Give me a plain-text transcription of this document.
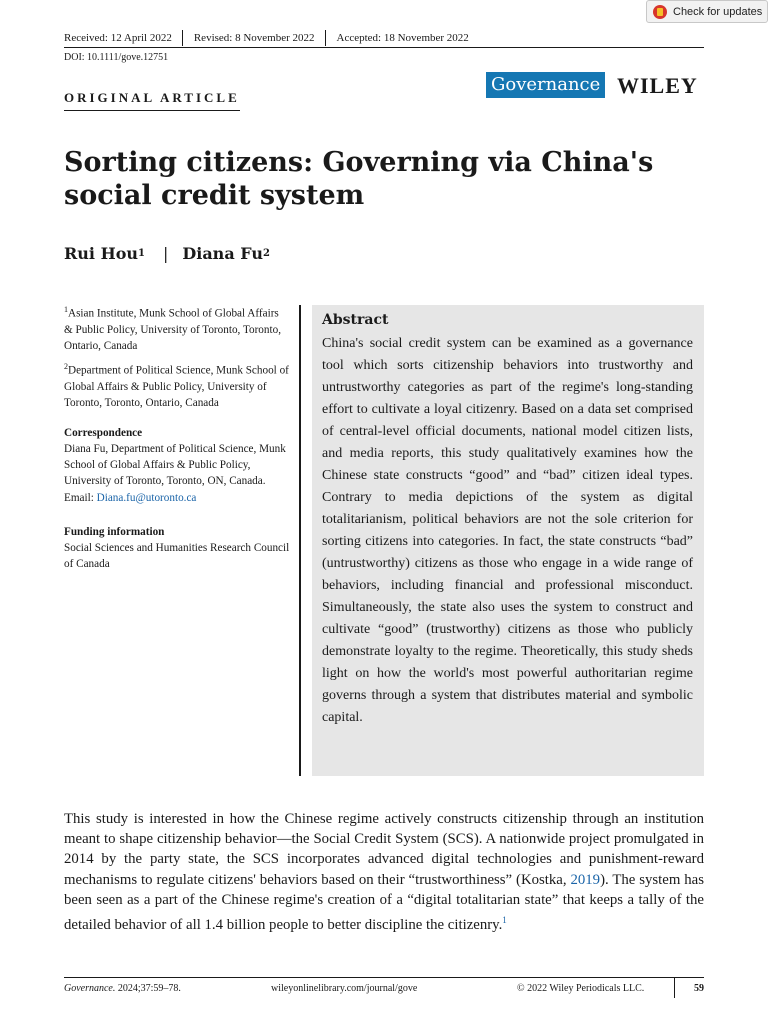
Check for updates
Received: 12 April 2022	Revised: 8 November 2022	Accepted: 18 November 2022
DOI: 10.1111/gove.12751
ORIGINAL ARTICLE
Governance WILEY
Sorting citizens: Governing via China's social credit system
Rui Hou 1 | Diana Fu 2

$^1$Asian Institute, Munk School of Global Affairs & Public Policy, University of Toronto, Toronto, Ontario, Canada

$^2$Department of Political Science, Munk School of Global Affairs & Public Policy, University of Toronto, Toronto, Ontario, Canada

Correspondence

Diana Fu, Department of Political Science, Munk School of Global Affairs & Public Policy, University of Toronto, Toronto, ON, Canada.
Email: Diana.fu@utoronto.ca

Funding information

Social Sciences and Humanities Research Council of Canada

Abstract

China's social credit system can be examined as a governance tool which sorts citizenship behaviors into trustworthy and untrustworthy categories as part of the regime's long-standing effort to cultivate a loyal citizenry. Based on a data set comprised of central-level official documents, national model citizen lists, and media reports, this study qualitatively examines how the Chinese state constructs “good” and “bad” citizen ideal types. Contrary to media depictions of the system as digital totalitarianism, political behaviors are not the sole criterion for sorting citizens into categories. In fact, the state constructs “bad” (untrustworthy) citizens as those who engage in a wide range of behaviors, including financial and professional misconduct. Simultaneously, the state also uses the system to construct and cultivate “good” (trustworthy) citizens as those who publicly demonstrate loyalty to the regime. Theoretically, this study sheds light on how the world's most powerful authoritarian regime governs through a system that distributes material and symbolic capital.

This study is interested in how the Chinese regime actively constructs citizenship through an institution meant to shape citizenship behavior—the Social Credit System (SCS). A nationwide project promulgated in 2014 by the party state, the SCS incorporates advanced digital technologies and punishment-reward mechanisms to regulate citizens' behaviors based on their “trustworthiness” (Kostka, 2019). The system has been seen as a part of the Chinese regime's creation of a “digital totalitarian state” that keeps a tally of the detailed behavior of all 1.4 billion people to better discipline the citizenry.$^1$

Governance. 2024;37:59–78.	wileyonlinelibrary.com/journal/gove	© 2022 Wiley Periodicals LLC.	59
